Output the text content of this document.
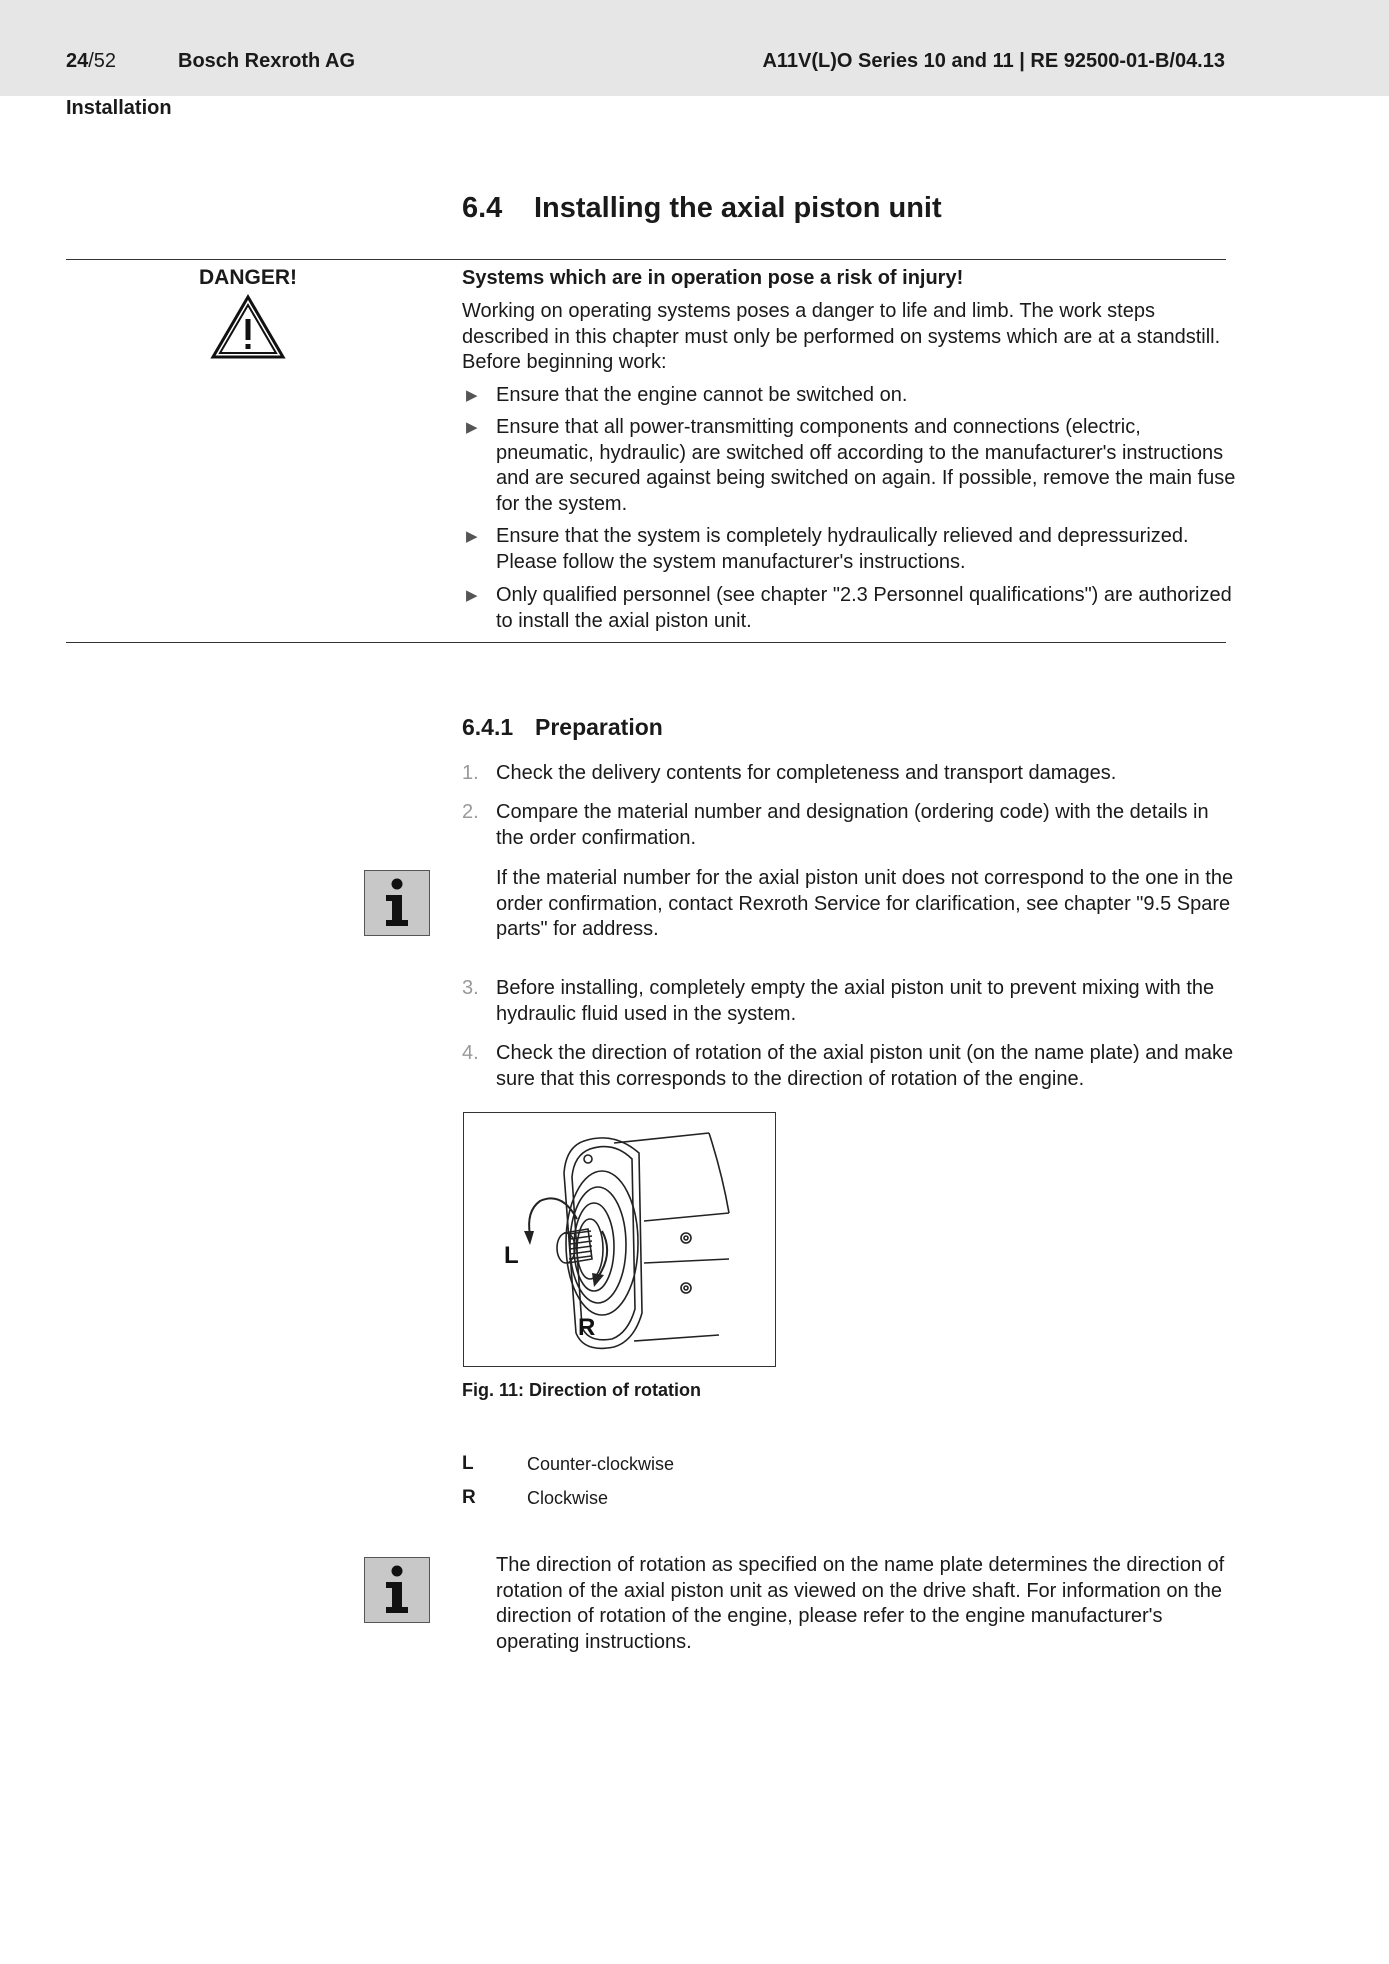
24/52	Bosch Rexroth AG	A11V(L)O Series 10 and 11 | RE 92500-01-B/04.13
Installation
6.4 Installing the axial piston unit
DANGER!	Systems which are in operation pose a risk of injury!
Working on operating systems poses a danger to life and limb. The work steps described in this chapter must only be performed on systems which are at a standstill. Before beginning work:
▶ Ensure that the engine cannot be switched on.
▶ Ensure that all power-transmitting components and connections (electric, pneumatic, hydraulic) are switched off according to the manufacturer's instructions and are secured against being switched on again. If possible, remove the main fuse for the system.
▶ Ensure that the system is completely hydraulically relieved and depressurized. Please follow the system manufacturer's instructions.
▶ Only qualified personnel (see chapter "2.3 Personnel qualifications") are authorized to install the axial piston unit.
6.4.1 Preparation
1. Check the delivery contents for completeness and transport damages.
2. Compare the material number and designation (ordering code) with the details in the order confirmation.
If the material number for the axial piston unit does not correspond to the one in the order confirmation, contact Rexroth Service for clarification, see chapter "9.5 Spare parts" for address.
3. Before installing, completely empty the axial piston unit to prevent mixing with the hydraulic fluid used in the system.
4. Check the direction of rotation of the axial piston unit (on the name plate) and make sure that this corresponds to the direction of rotation of the engine.
L
R
Fig. 11: Direction of rotation
L	Counter-clockwise
R	Clockwise
The direction of rotation as specified on the name plate determines the direction of rotation of the axial piston unit as viewed on the drive shaft. For information on the direction of rotation of the engine, please refer to the engine manufacturer's operating instructions.
